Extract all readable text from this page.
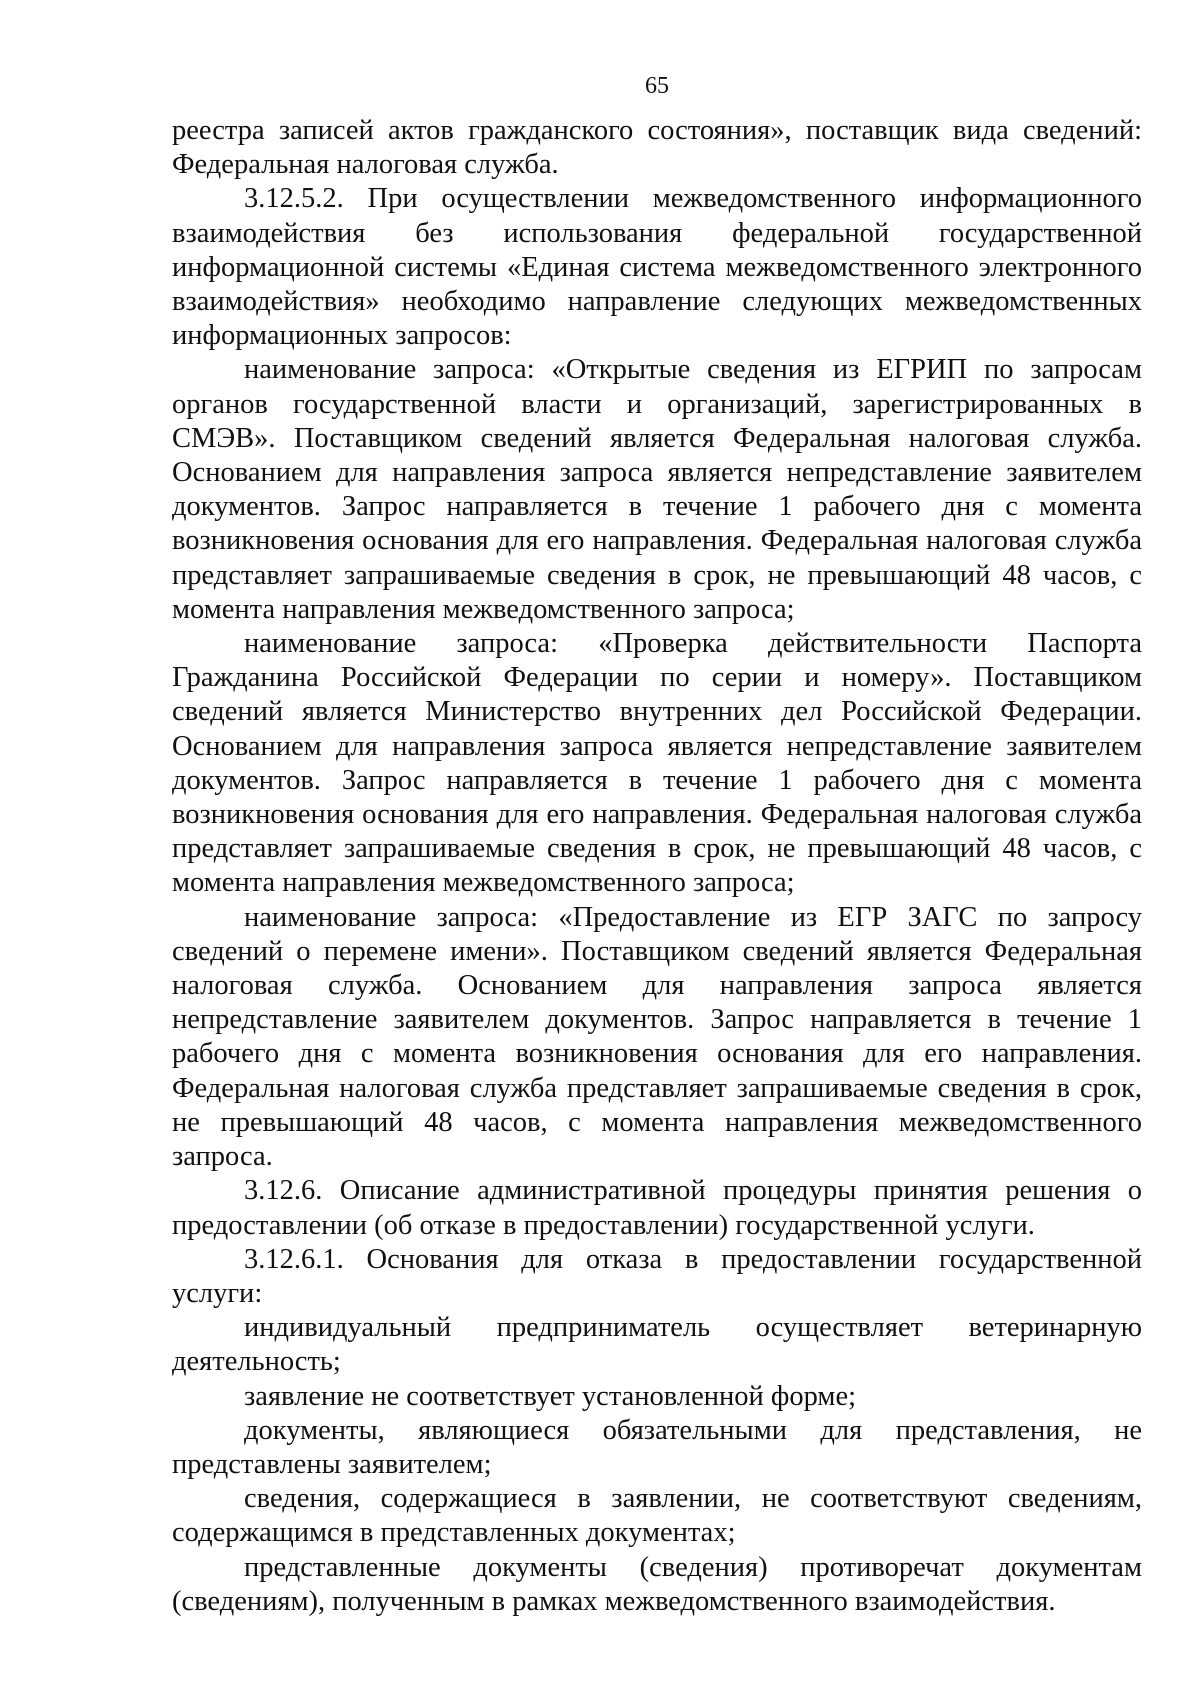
65

реестра записей актов гражданского состояния», поставщик вида сведений: Федеральная налоговая служба.

3.12.5.2. При осуществлении межведомственного информационного взаимодействия без использования федеральной государственной информационной системы «Единая система межведомственного электронного взаимодействия» необходимо направление следующих межведомственных информационных запросов:

наименование запроса: «Открытые сведения из ЕГРИП по запросам органов государственной власти и организаций, зарегистрированных в СМЭВ». Поставщиком сведений является Федеральная налоговая служба. Основанием для направления запроса является непредставление заявителем документов. Запрос направляется в течение 1 рабочего дня с момента возникновения основания для его направления. Федеральная налоговая служба представляет запрашиваемые сведения в срок, не превышающий 48 часов, с момента направления межведомственного запроса;

наименование запроса: «Проверка действительности Паспорта Гражданина Российской Федерации по серии и номеру». Поставщиком сведений является Министерство внутренних дел Российской Федерации. Основанием для направления запроса является непредставление заявителем документов. Запрос направляется в течение 1 рабочего дня с момента возникновения основания для его направления. Федеральная налоговая служба представляет запрашиваемые сведения в срок, не превышающий 48 часов, с момента направления межведомственного запроса;

наименование запроса: «Предоставление из ЕГР ЗАГС по запросу сведений о перемене имени». Поставщиком сведений является Федеральная налоговая служба. Основанием для направления запроса является непредставление заявителем документов. Запрос направляется в течение 1 рабочего дня с момента возникновения основания для его направления. Федеральная налоговая служба представляет запрашиваемые сведения в срок, не превышающий 48 часов, с момента направления межведомственного запроса.

3.12.6. Описание административной процедуры принятия решения о предоставлении (об отказе в предоставлении) государственной услуги.

3.12.6.1. Основания для отказа в предоставлении государственной услуги:

индивидуальный предприниматель осуществляет ветеринарную деятельность;

заявление не соответствует установленной форме;

документы, являющиеся обязательными для представления, не представлены заявителем;

сведения, содержащиеся в заявлении, не соответствуют сведениям, содержащимся в представленных документах;

представленные документы (сведения) противоречат документам (сведениям), полученным в рамках межведомственного взаимодействия.
